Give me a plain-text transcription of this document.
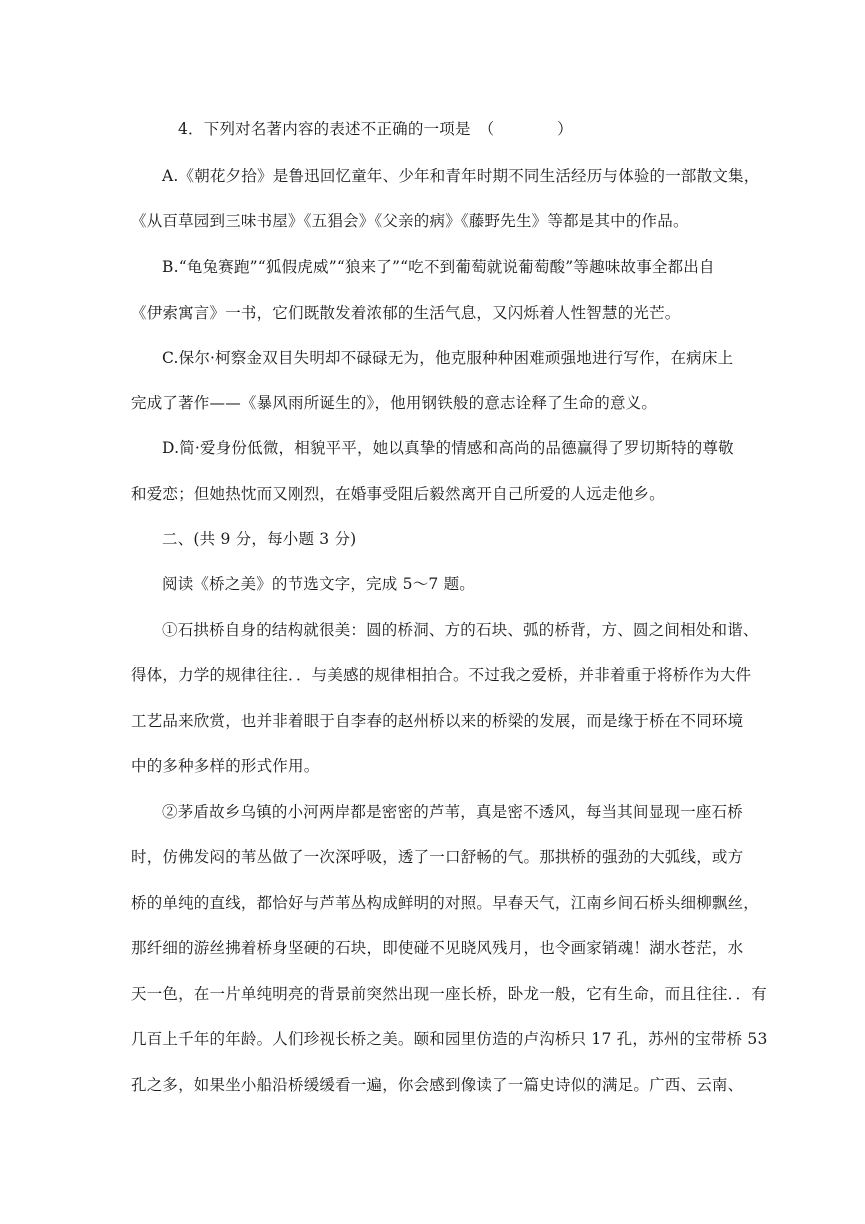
4．下列对名著内容的表述不正确的一项是　（　　　　）
A.《朝花夕拾》是鲁迅回忆童年、少年和青年时期不同生活经历与体验的一部散文集，
《从百草园到三味书屋》《五猖会》《父亲的病》《藤野先生》等都是其中的作品。
B.“龟兔赛跑”“狐假虎威”“狼来了”“吃不到葡萄就说葡萄酸”等趣味故事全都出自
《伊索寓言》一书，它们既散发着浓郁的生活气息，又闪烁着人性智慧的光芒。
C.保尔·柯察金双目失明却不碌碌无为，他克服种种困难顽强地进行写作，在病床上
完成了著作——《暴风雨所诞生的》，他用钢铁般的意志诠释了生命的意义。
D.简·爱身份低微，相貌平平，她以真挚的情感和高尚的品德赢得了罗切斯特的尊敬
和爱恋；但她热忱而又刚烈，在婚事受阻后毅然离开自己所爱的人远走他乡。
二、(共 9 分，每小题 3 分)
阅读《桥之美》的节选文字，完成 5～7 题。
①石拱桥自身的结构就很美：圆的桥洞、方的石块、弧的桥背，方、圆之间相处和谐、
得体，力学的规律往往．．与美感的规律相拍合。不过我之爱桥，并非着重于将桥作为大件
工艺品来欣赏，也并非着眼于自李春的赵州桥以来的桥梁的发展，而是缘于桥在不同环境
中的多种多样的形式作用。
②茅盾故乡乌镇的小河两岸都是密密的芦苇，真是密不透风，每当其间显现一座石桥
时，仿佛发闷的苇丛做了一次深呼吸，透了一口舒畅的气。那拱桥的强劲的大弧线，或方
桥的单纯的直线，都恰好与芦苇丛构成鲜明的对照。早春天气，江南乡间石桥头细柳飘丝，
那纤细的游丝拂着桥身坚硬的石块，即使碰不见晓风残月，也令画家销魂！湖水苍茫，水
天一色，在一片单纯明亮的背景前突然出现一座长桥，卧龙一般，它有生命，而且往往．．有
几百上千年的年龄。人们珍视长桥之美。颐和园里仿造的卢沟桥只 17 孔，苏州的宝带桥 53
孔之多，如果坐小船沿桥缓缓看一遍，你会感到像读了一篇史诗似的满足。广西、云南、
